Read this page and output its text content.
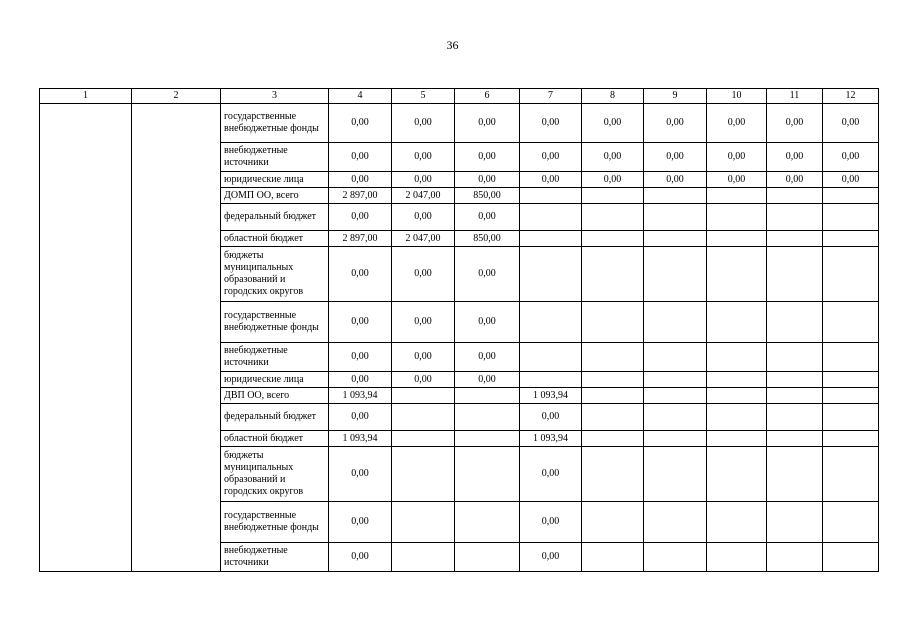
36
1	2	3	4	5	6	7	8	9	10	11	12
		государственные внебюджетные фонды	0,00	0,00	0,00	0,00	0,00	0,00	0,00	0,00	0,00
		внебюджетные источники	0,00	0,00	0,00	0,00	0,00	0,00	0,00	0,00	0,00
		юридические лица	0,00	0,00	0,00	0,00	0,00	0,00	0,00	0,00	0,00
		ДОМП ОО, всего	2 897,00	2 047,00	850,00						
		федеральный бюджет	0,00	0,00	0,00						
		областной бюджет	2 897,00	2 047,00	850,00						
		бюджеты муниципальных образований и городских округов	0,00	0,00	0,00						
		государственные внебюджетные фонды	0,00	0,00	0,00						
		внебюджетные источники	0,00	0,00	0,00						
		юридические лица	0,00	0,00	0,00						
		ДВП ОО, всего	1 093,94			1 093,94					
		федеральный бюджет	0,00			0,00					
		областной бюджет	1 093,94			1 093,94					
		бюджеты муниципальных образований и городских округов	0,00			0,00					
		государственные внебюджетные фонды	0,00			0,00					
		внебюджетные источники	0,00			0,00					
